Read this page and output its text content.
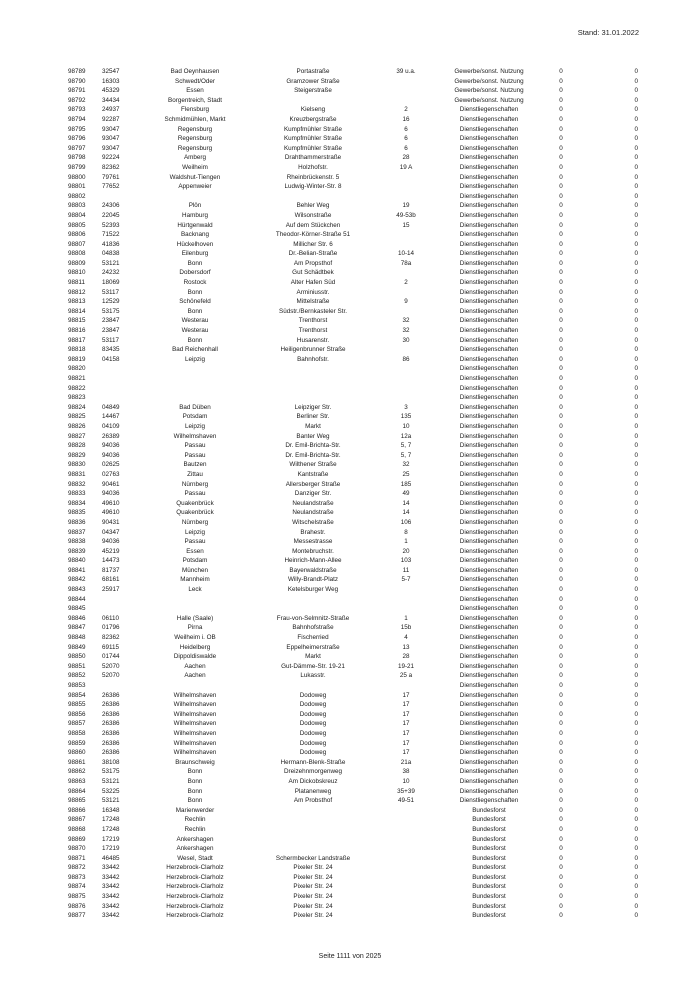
Stand: 31.01.2022
98789	32547	Bad Oeynhausen	Portastraße	39 u.a.	Gewerbe/sonst. Nutzung	0		0
98790	16303	Schwedt/Oder	Gramzower Straße		Gewerbe/sonst. Nutzung	0		0
98791	45329	Essen	Steigerstraße		Gewerbe/sonst. Nutzung	0		0
98792	34434	Borgentreich, Stadt			Gewerbe/sonst. Nutzung	0		0
98793	24937	Flensburg	Kielseng	2	Dienstliegenschaften	0		0
98794	92287	Schmidmühlen, Markt	Kreuzbergstraße	16	Dienstliegenschaften	0		0
98795	93047	Regensburg	Kumpfmühler Straße	6	Dienstliegenschaften	0		0
98796	93047	Regensburg	Kumpfmühler Straße	6	Dienstliegenschaften	0		0
98797	93047	Regensburg	Kumpfmühler Straße	6	Dienstliegenschaften	0		0
98798	92224	Amberg	Drahthammerstraße	28	Dienstliegenschaften	0		0
98799	82362	Weilheim	Holzhofstr.	19 A	Dienstliegenschaften	0		0
98800	79761	Waldshut-Tiengen	Rheinbrückenstr. 5		Dienstliegenschaften	0		0
98801	77652	Appenweier	Ludwig-Winter-Str. 8		Dienstliegenschaften	0		0
98802					Dienstliegenschaften	0		0
98803	24306	Plön	Behler Weg	19	Dienstliegenschaften	0		0
98804	22045	Hamburg	Wilsonstraße	49-53b	Dienstliegenschaften	0		0
98805	52393	Hürtgenwald	Auf dem Stückchen	15	Dienstliegenschaften	0		0
98806	71522	Backnang	Theodor-Körner-Straße 51		Dienstliegenschaften	0		0
98807	41836	Hückelhoven	Millicher Str. 6		Dienstliegenschaften	0		0
98808	04838	Eilenburg	Dr.-Belian-Straße	10-14	Dienstliegenschaften	0		0
98809	53121	Bonn	Am Propsthof	78a	Dienstliegenschaften	0		0
98810	24232	Dobersdorf	Gut Schädtbek		Dienstliegenschaften	0		0
98811	18069	Rostock	Alter Hafen Süd	2	Dienstliegenschaften	0		0
98812	53117	Bonn	Arminiusstr.		Dienstliegenschaften	0		0
98813	12529	Schönefeld	Mittelstraße	9	Dienstliegenschaften	0		0
98814	53175	Bonn	Südstr./Bernkasteler Str.		Dienstliegenschaften	0		0
98815	23847	Westerau	Trenthorst	32	Dienstliegenschaften	0		0
98816	23847	Westerau	Trenthorst	32	Dienstliegenschaften	0		0
98817	53117	Bonn	Husarenstr.	30	Dienstliegenschaften	0		0
98818	83435	Bad Reichenhall	Heiligenbrunner Straße		Dienstliegenschaften	0		0
98819	04158	Leipzig	Bahnhofstr.	86	Dienstliegenschaften	0		0
98820					Dienstliegenschaften	0		0
98821					Dienstliegenschaften	0		0
98822					Dienstliegenschaften	0		0
98823					Dienstliegenschaften	0		0
98824	04849	Bad Düben	Leipziger Str.	3	Dienstliegenschaften	0		0
98825	14467	Potsdam	Berliner Str.	135	Dienstliegenschaften	0		0
98826	04109	Leipzig	Markt	10	Dienstliegenschaften	0		0
98827	26389	Wilhelmshaven	Banter Weg	12a	Dienstliegenschaften	0		0
98828	94036	Passau	Dr. Emil-Brichta-Str.	5, 7	Dienstliegenschaften	0		0
98829	94036	Passau	Dr. Emil-Brichta-Str.	5, 7	Dienstliegenschaften	0		0
98830	02625	Bautzen	Wilthener Straße	32	Dienstliegenschaften	0		0
98831	02763	Zittau	Kantstraße	25	Dienstliegenschaften	0		0
98832	90461	Nürnberg	Allersberger Straße	185	Dienstliegenschaften	0		0
98833	94036	Passau	Danziger Str.	49	Dienstliegenschaften	0		0
98834	49610	Quakenbrück	Neulandstraße	14	Dienstliegenschaften	0		0
98835	49610	Quakenbrück	Neulandstraße	14	Dienstliegenschaften	0		0
98836	90431	Nürnberg	Witschelstraße	106	Dienstliegenschaften	0		0
98837	04347	Leipzig	Brahestr.	8	Dienstliegenschaften	0		0
98838	94036	Passau	Messestrasse	1	Dienstliegenschaften	0		0
98839	45219	Essen	Montebruchstr.	20	Dienstliegenschaften	0		0
98840	14473	Potsdam	Heinrich-Mann-Allee	103	Dienstliegenschaften	0		0
98841	81737	München	Bayerwaldstraße	11	Dienstliegenschaften	0		0
98842	68161	Mannheim	Willy-Brandt-Platz	5-7	Dienstliegenschaften	0		0
98843	25917	Leck	Ketelsburger Weg		Dienstliegenschaften	0		0
98844					Dienstliegenschaften	0		0
98845					Dienstliegenschaften	0		0
98846	06110	Halle (Saale)	Frau-von-Selmnitz-Straße	1	Dienstliegenschaften	0		0
98847	01796	Pirna	Bahnhofstraße	15b	Dienstliegenschaften	0		0
98848	82362	Weilheim i. OB	Fischerried	4	Dienstliegenschaften	0		0
98849	69115	Heidelberg	Eppelheimerstraße	13	Dienstliegenschaften	0		0
98850	01744	Dippoldiswalde	Markt	28	Dienstliegenschaften	0		0
98851	52070	Aachen	Gut-Dämme-Str. 19-21	19-21	Dienstliegenschaften	0		0
98852	52070	Aachen	Lukasstr.	25 a	Dienstliegenschaften	0		0
98853					Dienstliegenschaften	0		0
98854	26386	Wilhelmshaven	Dodoweg	17	Dienstliegenschaften	0		0
98855	26386	Wilhelmshaven	Dodoweg	17	Dienstliegenschaften	0		0
98856	26386	Wilhelmshaven	Dodoweg	17	Dienstliegenschaften	0		0
98857	26386	Wilhelmshaven	Dodoweg	17	Dienstliegenschaften	0		0
98858	26386	Wilhelmshaven	Dodoweg	17	Dienstliegenschaften	0		0
98859	26386	Wilhelmshaven	Dodoweg	17	Dienstliegenschaften	0		0
98860	26386	Wilhelmshaven	Dodoweg	17	Dienstliegenschaften	0		0
98861	38108	Braunschweig	Hermann-Blenk-Straße	21a	Dienstliegenschaften	0		0
98862	53175	Bonn	Dreizehnmorgenweg	38	Dienstliegenschaften	0		0
98863	53121	Bonn	Am Dickobskreuz	10	Dienstliegenschaften	0		0
98864	53225	Bonn	Platanenweg	35+39	Dienstliegenschaften	0		0
98865	53121	Bonn	Am Probsthof	49-51	Dienstliegenschaften	0		0
98866	16348	Marienwerder			Bundesforst	0		0
98867	17248	Rechlin			Bundesforst	0		0
98868	17248	Rechlin			Bundesforst	0		0
98869	17219	Ankershagen			Bundesforst	0		0
98870	17219	Ankershagen			Bundesforst	0		0
98871	46485	Wesel, Stadt	Schermbecker Landstraße		Bundesforst	0		0
98872	33442	Herzebrock-Clarholz	Pixeler Str. 24		Bundesforst	0		0
98873	33442	Herzebrock-Clarholz	Pixeler Str. 24		Bundesforst	0		0
98874	33442	Herzebrock-Clarholz	Pixeler Str. 24		Bundesforst	0		0
98875	33442	Herzebrock-Clarholz	Pixeler Str. 24		Bundesforst	0		0
98876	33442	Herzebrock-Clarholz	Pixeler Str. 24		Bundesforst	0		0
98877	33442	Herzebrock-Clarholz	Pixeler Str. 24		Bundesforst	0		0
Seite 1111 von 2025
